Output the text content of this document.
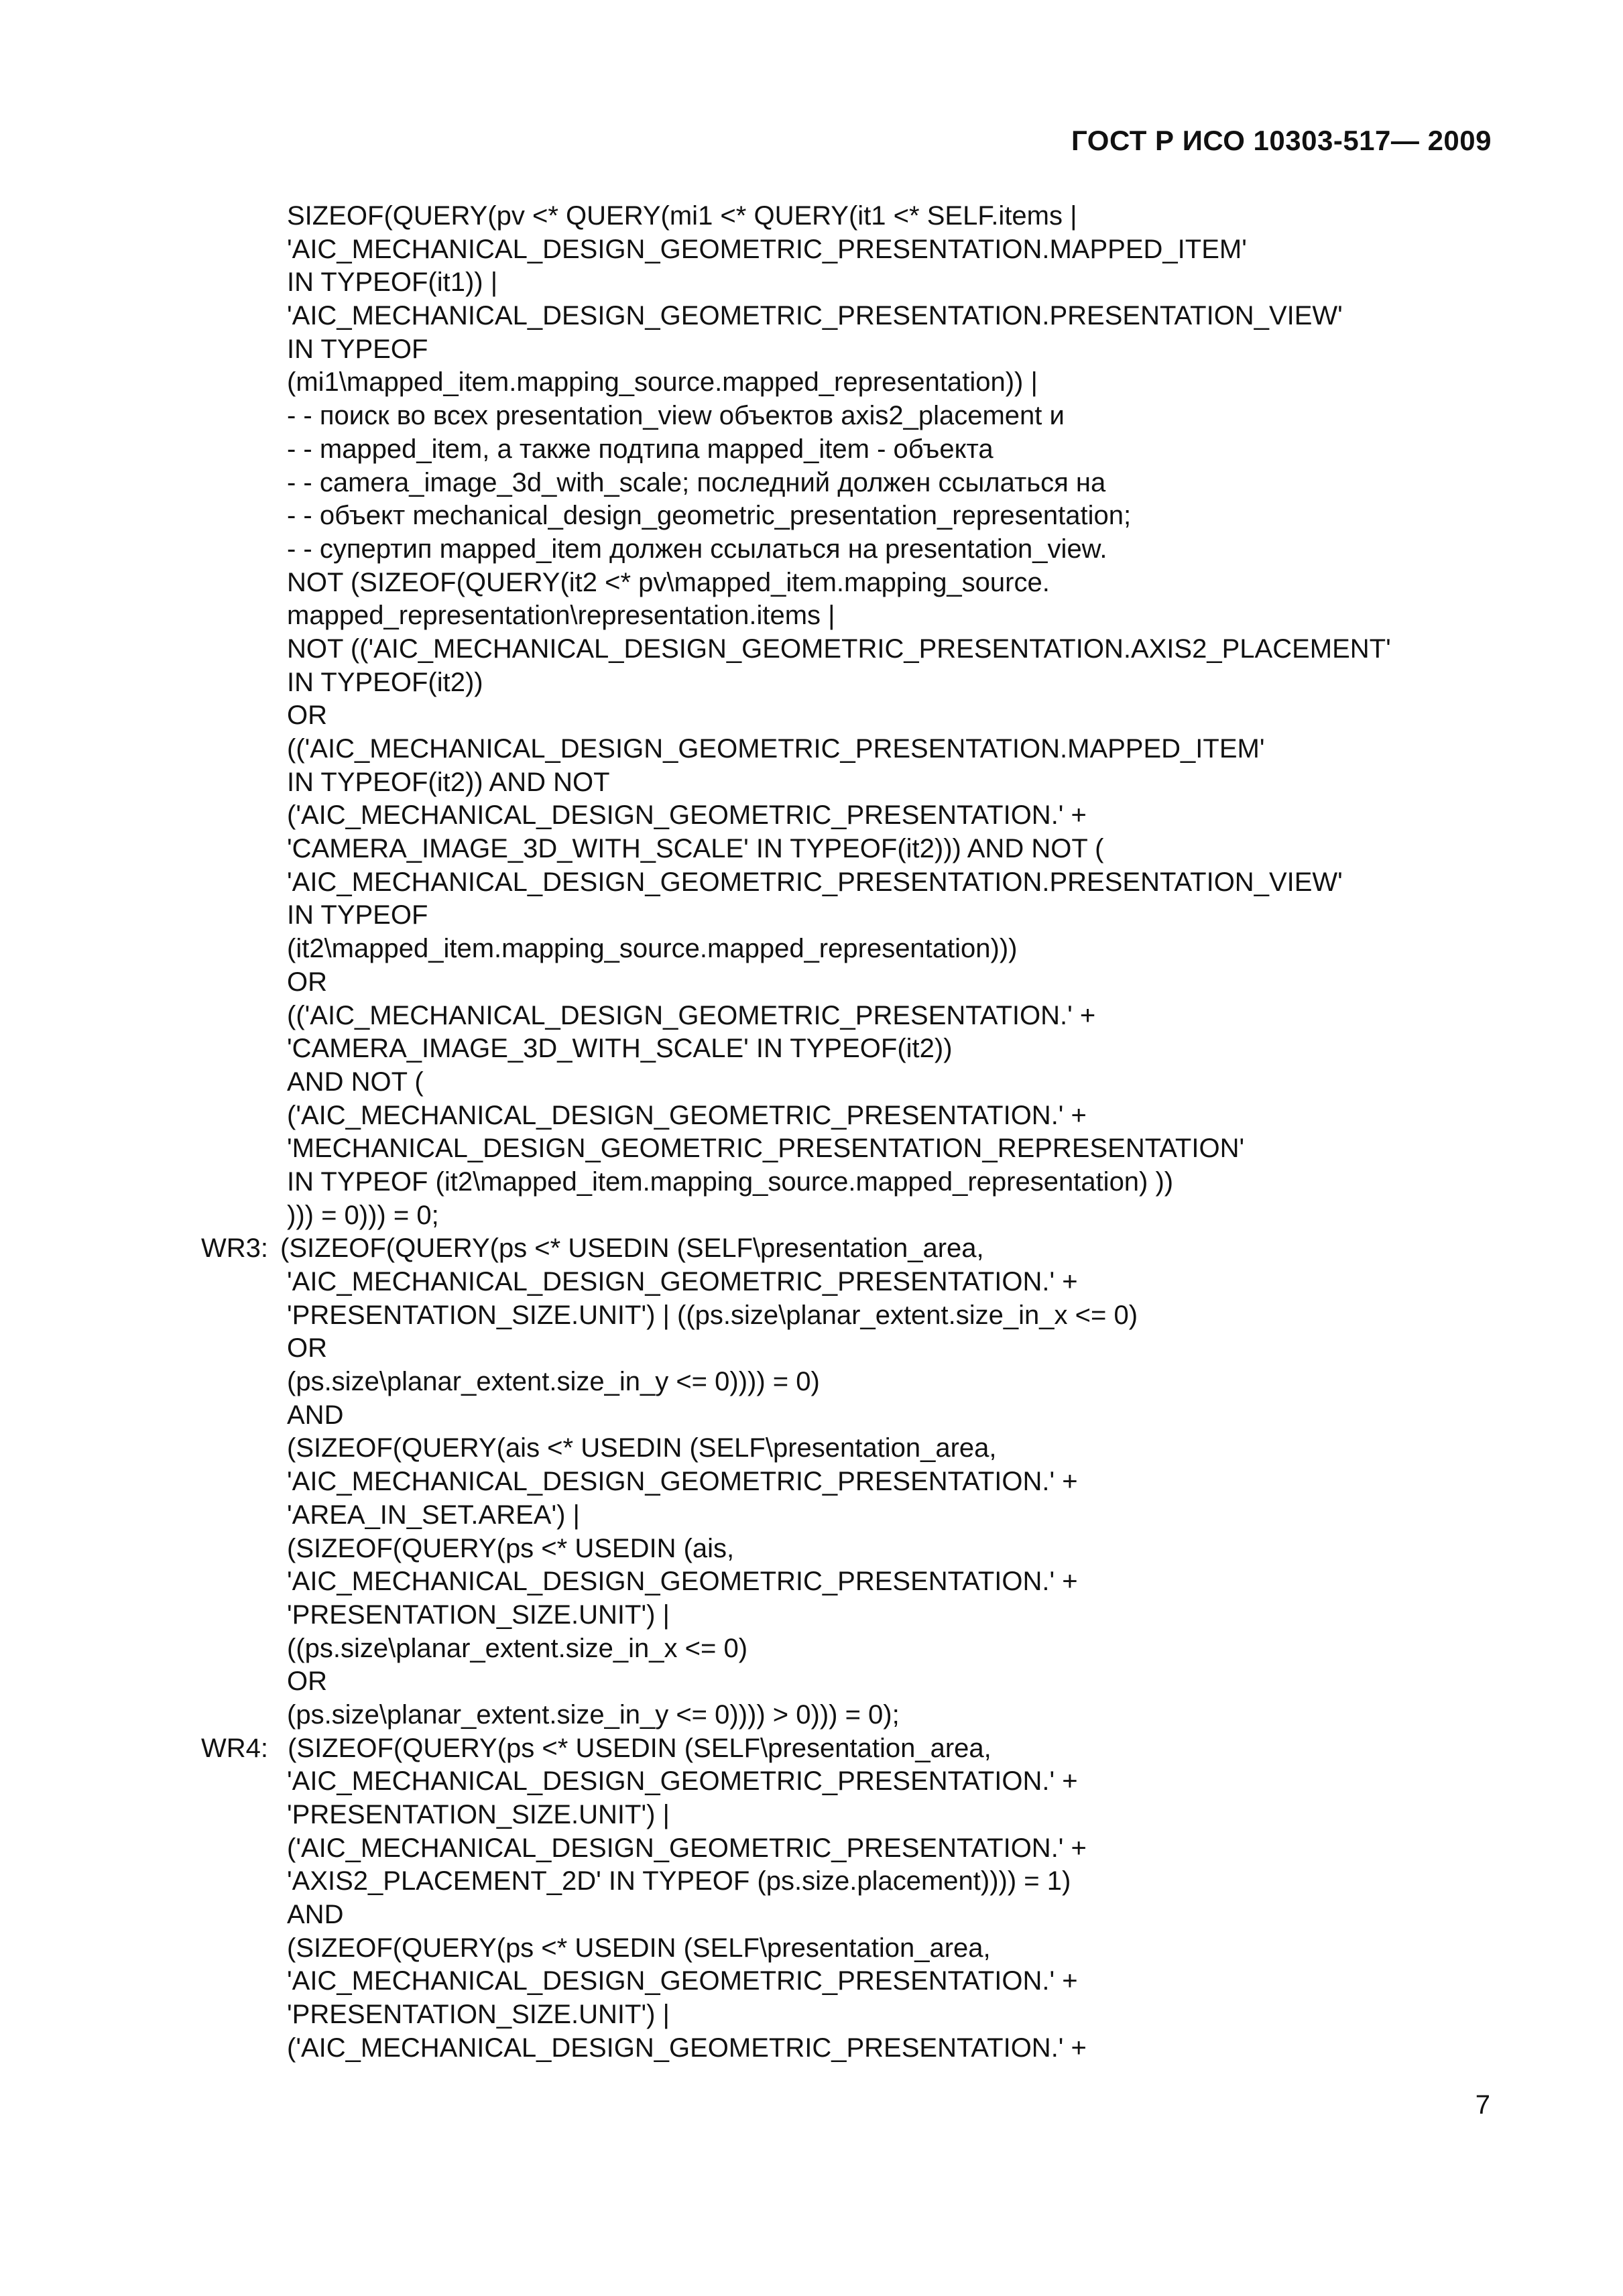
ГОСТ Р ИСО 10303-517— 2009
SIZEOF(QUERY(pv <* QUERY(mi1 <* QUERY(it1 <* SELF.items |
'AIC_MECHANICAL_DESIGN_GEOMETRIC_PRESENTATION.MAPPED_ITEM'
IN TYPEOF(it1)) |
'AIC_MECHANICAL_DESIGN_GEOMETRIC_PRESENTATION.PRESENTATION_VIEW'
IN TYPEOF
(mi1\mapped_item.mapping_source.mapped_representation)) |
- - поиск во всех presentation_view объектов axis2_placement и
- - mapped_item, а также подтипа mapped_item - объекта
- - camera_image_3d_with_scale; последний должен ссылаться на
- - объект mechanical_design_geometric_presentation_representation;
- - супертип mapped_item должен ссылаться на presentation_view.
NOT (SIZEOF(QUERY(it2 <* pv\mapped_item.mapping_source.
mapped_representation\representation.items |
NOT (('AIC_MECHANICAL_DESIGN_GEOMETRIC_PRESENTATION.AXIS2_PLACEMENT'
IN TYPEOF(it2))
OR
(('AIC_MECHANICAL_DESIGN_GEOMETRIC_PRESENTATION.MAPPED_ITEM'
IN TYPEOF(it2)) AND NOT
('AIC_MECHANICAL_DESIGN_GEOMETRIC_PRESENTATION.' +
'CAMERA_IMAGE_3D_WITH_SCALE' IN TYPEOF(it2))) AND NOT (
'AIC_MECHANICAL_DESIGN_GEOMETRIC_PRESENTATION.PRESENTATION_VIEW'
IN TYPEOF
(it2\mapped_item.mapping_source.mapped_representation)))
OR
(('AIC_MECHANICAL_DESIGN_GEOMETRIC_PRESENTATION.' +
'CAMERA_IMAGE_3D_WITH_SCALE' IN TYPEOF(it2))
AND NOT (
('AIC_MECHANICAL_DESIGN_GEOMETRIC_PRESENTATION.' +
'MECHANICAL_DESIGN_GEOMETRIC_PRESENTATION_REPRESENTATION'
IN TYPEOF (it2\mapped_item.mapping_source.mapped_representation) ))
))) = 0))) = 0;
WR3: (SIZEOF(QUERY(ps <* USEDIN (SELF\presentation_area,
'AIC_MECHANICAL_DESIGN_GEOMETRIC_PRESENTATION.' +
'PRESENTATION_SIZE.UNIT') | ((ps.size\planar_extent.size_in_x <= 0)
OR
(ps.size\planar_extent.size_in_y <= 0)))) = 0)
AND
(SIZEOF(QUERY(ais <* USEDIN (SELF\presentation_area,
'AIC_MECHANICAL_DESIGN_GEOMETRIC_PRESENTATION.' +
'AREA_IN_SET.AREA') |
(SIZEOF(QUERY(ps <* USEDIN (ais,
'AIC_MECHANICAL_DESIGN_GEOMETRIC_PRESENTATION.' +
'PRESENTATION_SIZE.UNIT') |
((ps.size\planar_extent.size_in_x <= 0)
OR
(ps.size\planar_extent.size_in_y <= 0)))) > 0))) = 0);
WR4: (SIZEOF(QUERY(ps <* USEDIN (SELF\presentation_area,
'AIC_MECHANICAL_DESIGN_GEOMETRIC_PRESENTATION.' +
'PRESENTATION_SIZE.UNIT') |
('AIC_MECHANICAL_DESIGN_GEOMETRIC_PRESENTATION.' +
'AXIS2_PLACEMENT_2D' IN TYPEOF (ps.size.placement)))) = 1)
AND
(SIZEOF(QUERY(ps <* USEDIN (SELF\presentation_area,
'AIC_MECHANICAL_DESIGN_GEOMETRIC_PRESENTATION.' +
'PRESENTATION_SIZE.UNIT') |
('AIC_MECHANICAL_DESIGN_GEOMETRIC_PRESENTATION.' +
7
